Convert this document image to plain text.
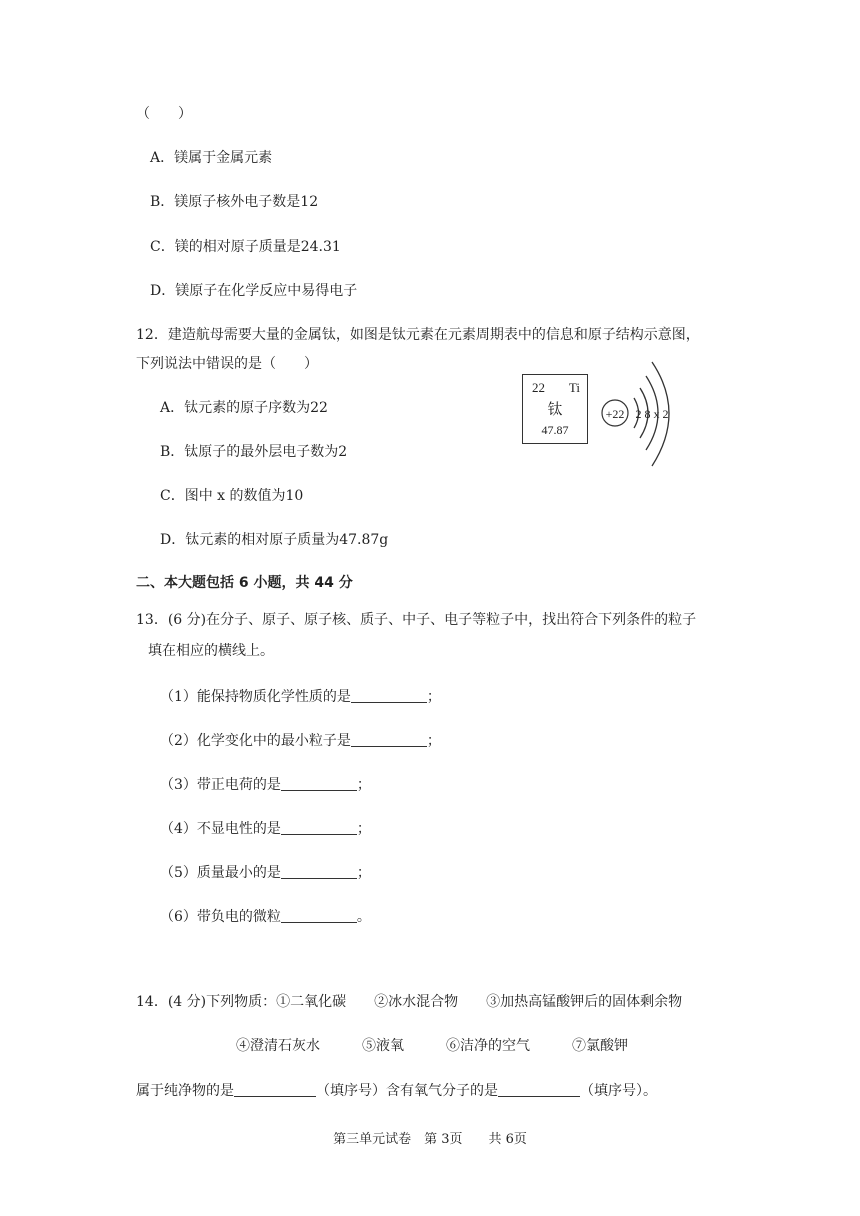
（　　）
A．镁属于金属元素
B．镁原子核外电子数是12
C．镁的相对原子质量是24.31
D．镁原子在化学反应中易得电子
12．建造航母需要大量的金属钛，如图是钛元素在元素周期表中的信息和原子结构示意图，
下列说法中错误的是（　　）
A．钛元素的原子序数为22
B．钛原子的最外层电子数为2
C．图中 x 的数值为10
D．钛元素的相对原子质量为47.87g
22 Ti
钛
47.87
+22 2 8 x 2
二、本大题包括 6 小题，共 44 分
13．(6 分)在分子、原子、原子核、质子、中子、电子等粒子中，找出符合下列条件的粒子
填在相应的横线上。
（1）能保持物质化学性质的是	；
（2）化学变化中的最小粒子是	；
（3）带正电荷的是	；
（4）不显电性的是	；
（5）质量最小的是	；
（6）带负电的微粒	。
14．(4 分)下列物质：①二氧化碳　　②冰水混合物　　③加热高锰酸钾后的固体剩余物
④澄清石灰水　　　⑤液氧　　　⑥洁净的空气　　　⑦氯酸钾
属于纯净物的是	（填序号）含有氧气分子的是	（填序号）。
第三单元试卷　第 3页　　共 6页
